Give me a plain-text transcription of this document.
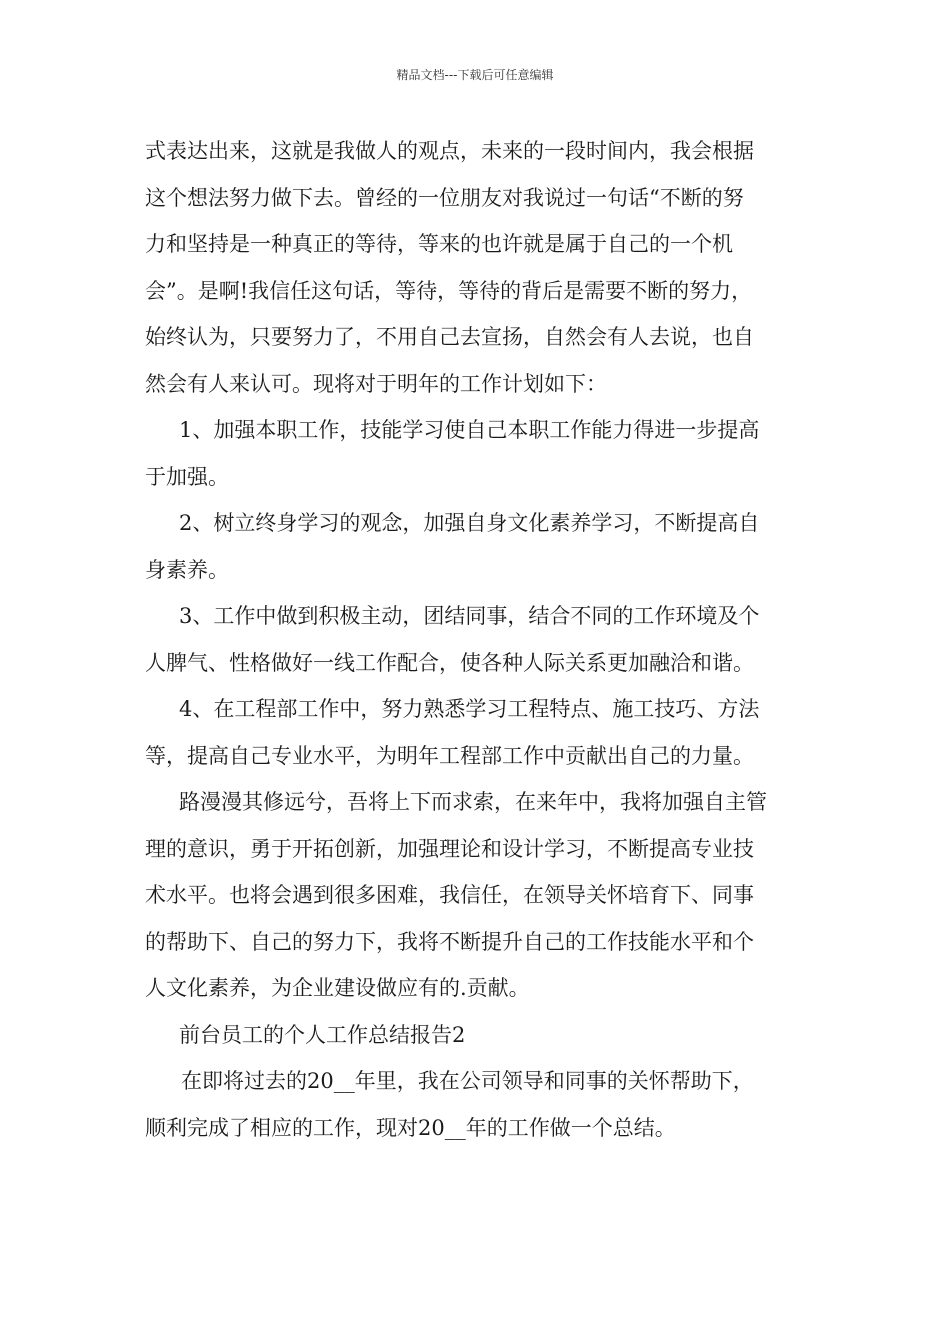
精品文档---下载后可任意编辑
式表达出来，这就是我做人的观点，未来的一段时间内，我会根据
这个想法努力做下去。曾经的一位朋友对我说过一句话“不断的努
力和坚持是一种真正的等待，等来的也许就是属于自己的一个机
会”。是啊!我信任这句话，等待，等待的背后是需要不断的努力，
始终认为，只要努力了，不用自己去宣扬，自然会有人去说，也自
然会有人来认可。现将对于明年的工作计划如下：
1、加强本职工作，技能学习使自己本职工作能力得进一步提高
于加强。
2、树立终身学习的观念，加强自身文化素养学习，不断提高自
身素养。
3、工作中做到积极主动，团结同事，结合不同的工作环境及个
人脾气、性格做好一线工作配合，使各种人际关系更加融洽和谐。
4、在工程部工作中，努力熟悉学习工程特点、施工技巧、方法
等，提高自己专业水平，为明年工程部工作中贡献出自己的力量。
路漫漫其修远兮，吾将上下而求索，在来年中，我将加强自主管
理的意识，勇于开拓创新，加强理论和设计学习，不断提高专业技
术水平。也将会遇到很多困难，我信任，在领导关怀培育下、同事
的帮助下、自己的努力下，我将不断提升自己的工作技能水平和个
人文化素养，为企业建设做应有的.贡献。
前台员工的个人工作总结报告2
在即将过去的20__年里，我在公司领导和同事的关怀帮助下，
顺利完成了相应的工作，现对20__年的工作做一个总结。
